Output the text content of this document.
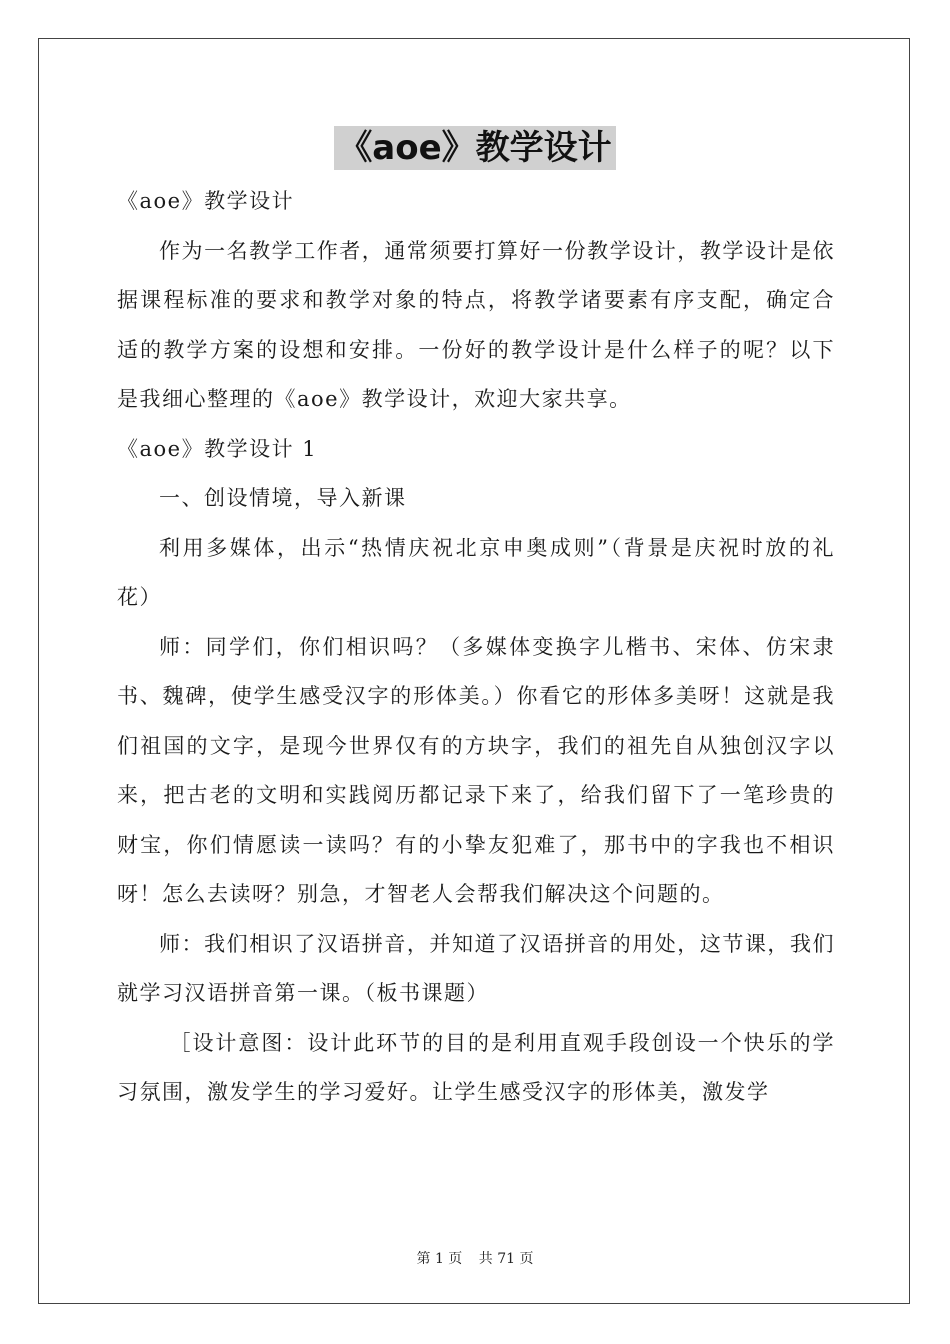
《aoe》教学设计

《aoe》教学设计

作为一名教学工作者，通常须要打算好一份教学设计，教学设计是依据课程标准的要求和教学对象的特点，将教学诸要素有序支配，确定合适的教学方案的设想和安排。一份好的教学设计是什么样子的呢？以下是我细心整理的《aoe》教学设计，欢迎大家共享。

《aoe》教学设计 1

一、创设情境，导入新课

利用多媒体，出示“热情庆祝北京申奥成则”（背景是庆祝时放的礼花）

师：同学们，你们相识吗？（多媒体变换字儿楷书、宋体、仿宋隶书、魏碑，使学生感受汉字的形体美。）你看它的形体多美呀！这就是我们祖国的文字，是现今世界仅有的方块字，我们的祖先自从独创汉字以来，把古老的文明和实践阅历都记录下来了，给我们留下了一笔珍贵的财宝，你们情愿读一读吗？有的小挚友犯难了，那书中的字我也不相识呀！怎么去读呀？别急，才智老人会帮我们解决这个问题的。

师：我们相识了汉语拼音，并知道了汉语拼音的用处，这节课，我们就学习汉语拼音第一课。（板书课题）

［设计意图：设计此环节的目的是利用直观手段创设一个快乐的学习氛围，激发学生的学习爱好。让学生感受汉字的形体美，激发学

第 1 页 共 71 页
